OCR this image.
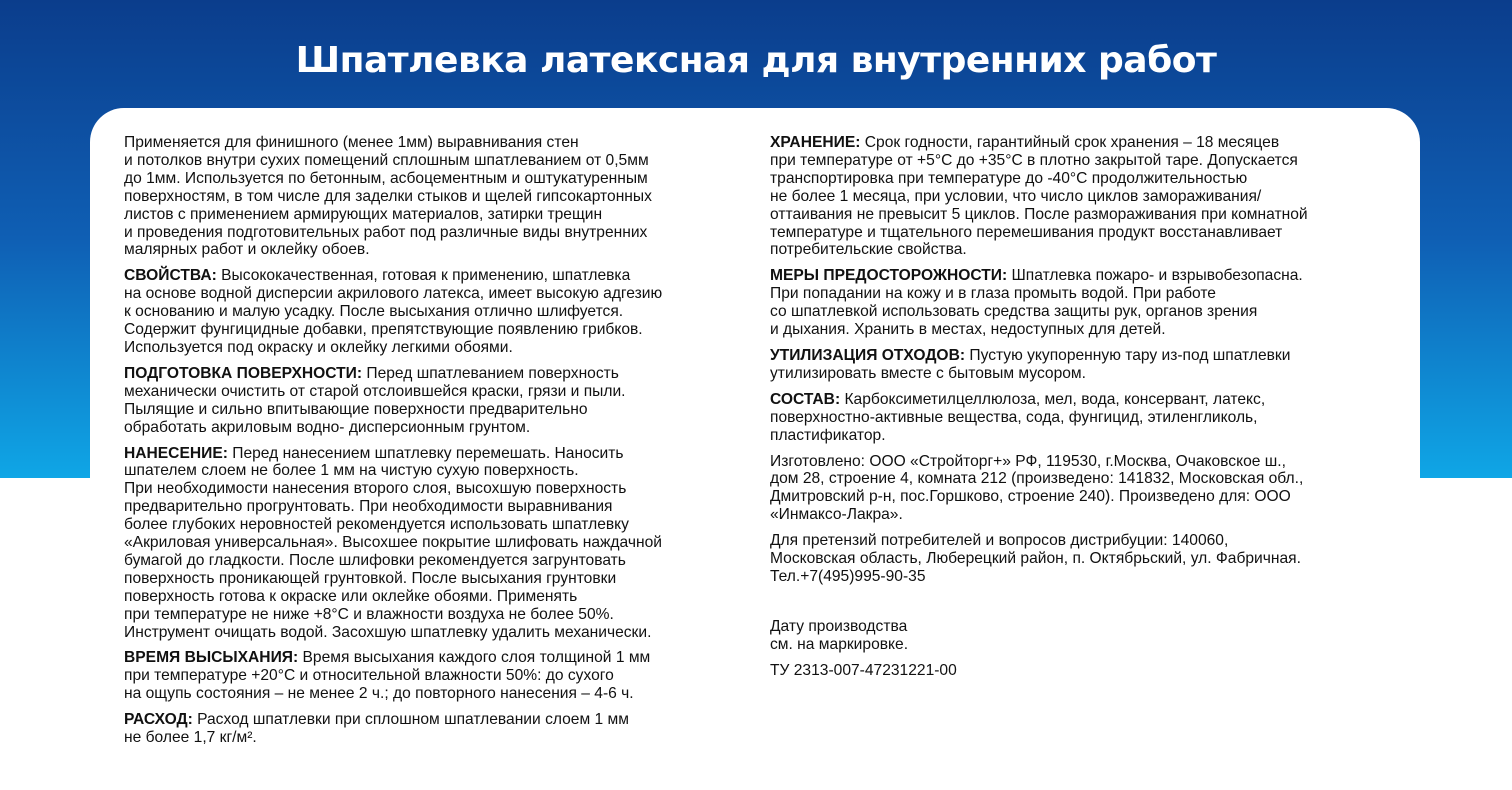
Шпатлевка латексная для внутренних работ
Применяется для финишного (менее 1мм) выравнивания стен
и потолков внутри сухих помещений сплошным шпатлеванием от 0,5мм
до 1мм. Используется по бетонным, асбоцементным и оштукатуренным
поверхностям, в том числе для заделки стыков и щелей гипсокартонных
листов с применением армирующих материалов, затирки трещин
и проведения подготовительных работ под различные виды внутренних
малярных работ и оклейку обоев.
СВОЙСТВА: Высококачественная, готовая к применению, шпатлевка
на основе водной дисперсии акрилового латекса, имеет высокую адгезию
к основанию и малую усадку. После высыхания отлично шлифуется.
Содержит фунгицидные добавки, препятствующие появлению грибков.
Используется под окраску и оклейку легкими обоями.
ПОДГОТОВКА ПОВЕРХНОСТИ: Перед шпатлеванием поверхность
механически очистить от старой отслоившейся краски, грязи и пыли.
Пылящие и сильно впитывающие поверхности предварительно
обработать акриловым водно- дисперсионным грунтом.
НАНЕСЕНИЕ: Перед нанесением шпатлевку перемешать. Наносить
шпателем слоем не более 1 мм на чистую сухую поверхность.
При необходимости нанесения второго слоя, высохшую поверхность
предварительно прогрунтовать. При необходимости выравнивания
более глубоких неровностей рекомендуется использовать шпатлевку
«Акриловая универсальная». Высохшее покрытие шлифовать наждачной
бумагой до гладкости. После шлифовки рекомендуется загрунтовать
поверхность проникающей грунтовкой. После высыхания грунтовки
поверхность готова к окраске или оклейке обоями. Применять
при температуре не ниже +8°С и влажности воздуха не более 50%.
Инструмент очищать водой. Засохшую шпатлевку удалить механически.
ВРЕМЯ ВЫСЫХАНИЯ: Время высыхания каждого слоя толщиной 1 мм
при температуре +20°С и относительной влажности 50%: до сухого
на ощупь состояния – не менее 2 ч.; до повторного нанесения – 4-6 ч.
РАСХОД: Расход шпатлевки при сплошном шпатлевании слоем 1 мм
не более 1,7 кг/м².
ХРАНЕНИЕ: Срок годности, гарантийный срок хранения – 18 месяцев
при температуре от +5°С до +35°С в плотно закрытой таре. Допускается
транспортировка при температуре до -40°С продолжительностью
не более 1 месяца, при условии, что число циклов замораживания/
оттаивания не превысит 5 циклов. После размораживания при комнатной
температуре и тщательного перемешивания продукт восстанавливает
потребительские свойства.
МЕРЫ ПРЕДОСТОРОЖНОСТИ: Шпатлевка пожаро- и взрывобезопасна.
При попадании на кожу и в глаза промыть водой. При работе
со шпатлевкой использовать средства защиты рук, органов зрения
и дыхания. Хранить в местах, недоступных для детей.
УТИЛИЗАЦИЯ ОТХОДОВ: Пустую укупоренную тару из-под шпатлевки
утилизировать вместе с бытовым мусором.
СОСТАВ: Карбоксиметилцеллюлоза, мел, вода, консервант, латекс,
поверхностно-активные вещества, сода, фунгицид, этиленгликоль,
пластификатор.
Изготовлено: ООО «Стройторг+» РФ, 119530, г.Москва, Очаковское ш.,
дом 28, строение 4, комната 212 (произведено: 141832, Московская обл.,
Дмитровский р-н, пос.Горшково, строение 240). Произведено для: ООО
«Инмаксо-Лакра».
Для претензий потребителей и вопросов дистрибуции: 140060,
Московская область, Люберецкий район, п. Октябрьский, ул. Фабричная.
Тел.+7(495)995-90-35
Дату производства
см. на маркировке.
ТУ 2313-007-47231221-00
